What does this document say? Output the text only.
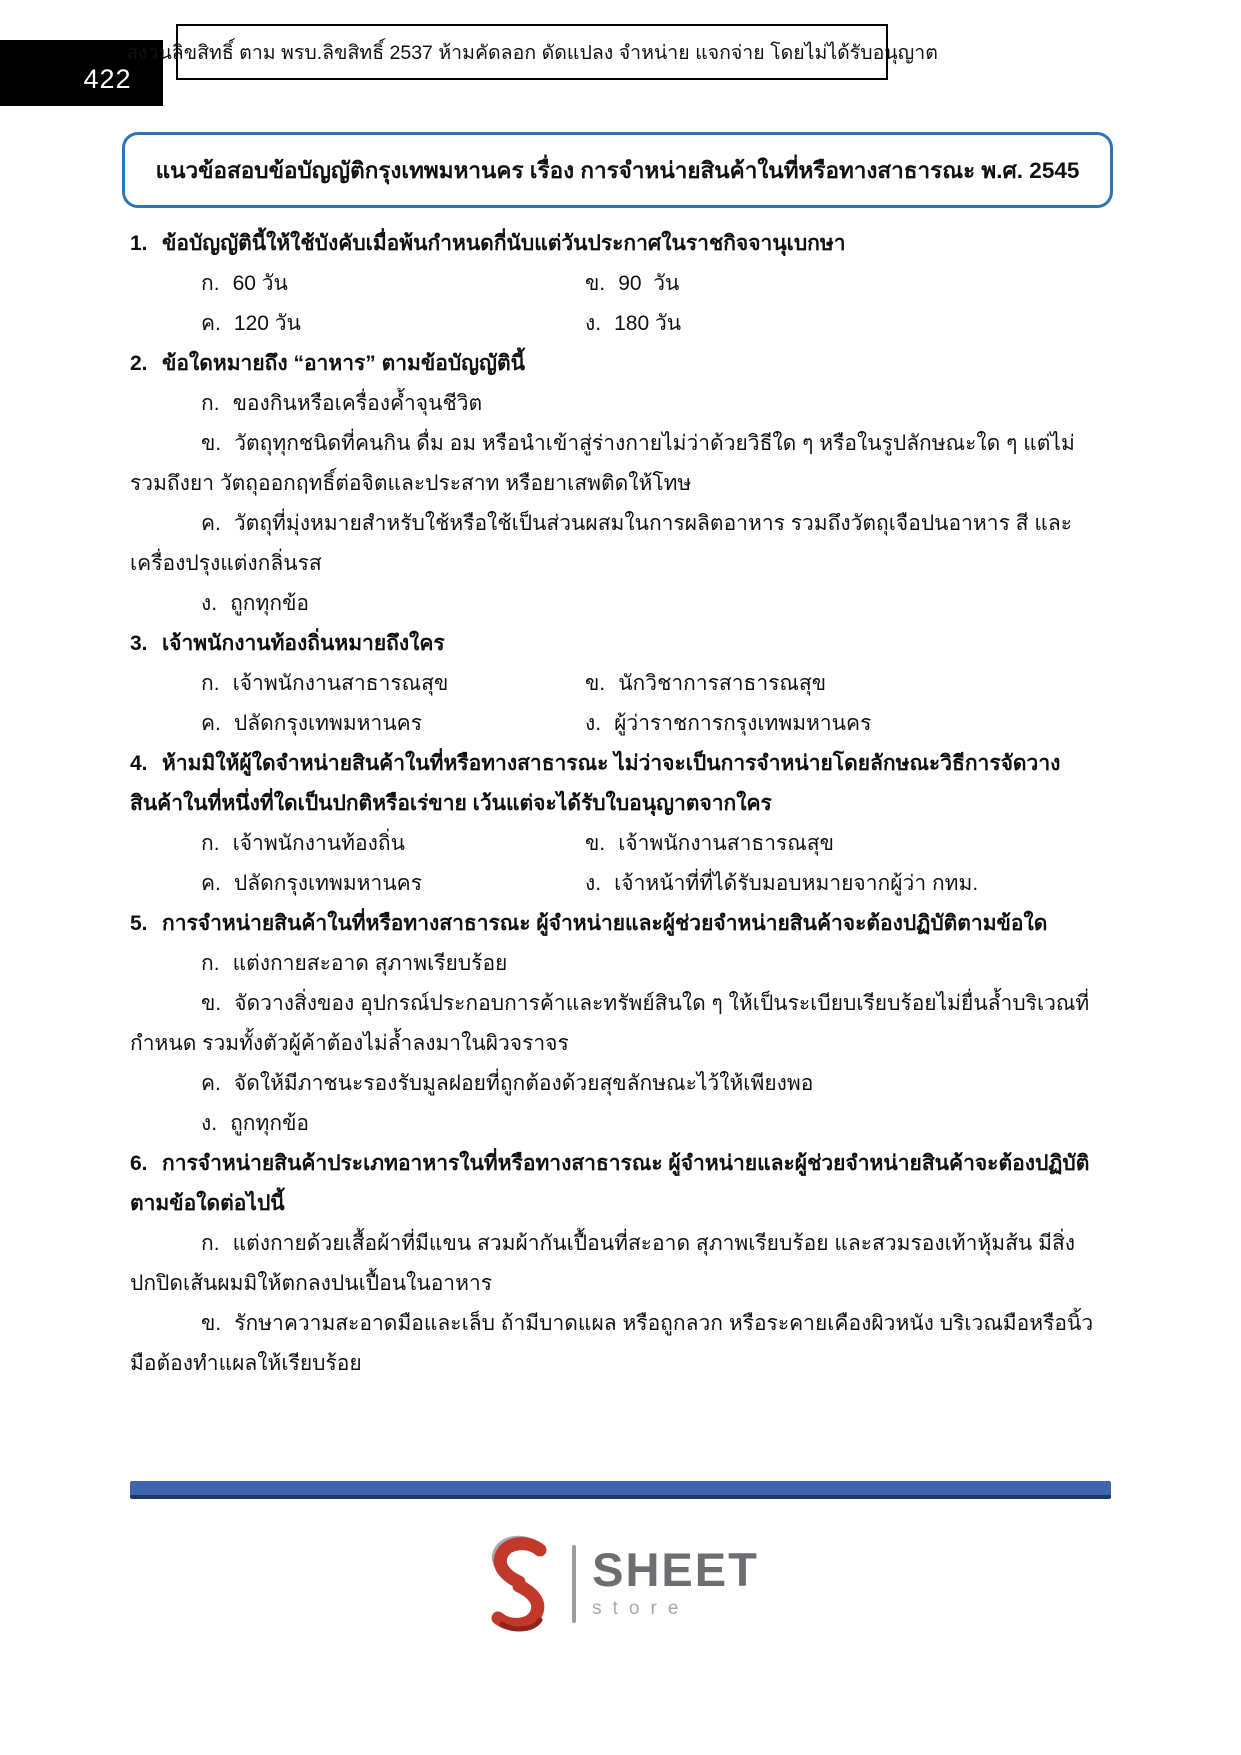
422
สงวนลิขสิทธิ์ ตาม พรบ.ลิขสิทธิ์ 2537 ห้ามคัดลอก ดัดแปลง จำหน่าย แจกจ่าย โดยไม่ได้รับอนุญาต
แนวข้อสอบข้อบัญญัติกรุงเทพมหานคร เรื่อง การจำหน่ายสินค้าในที่หรือทางสาธารณะ พ.ศ. 2545

1. ข้อบัญญัตินี้ให้ใช้บังคับเมื่อพ้นกำหนดกี่นับแต่วันประกาศในราชกิจจานุเบกษา

ก. 60 วัน	ข. 90  วัน

ค. 120 วัน	ง. 180 วัน

2. ข้อใดหมายถึง “อาหาร” ตามข้อบัญญัตินี้

ก. ของกินหรือเครื่องค้ำจุนชีวิต

ข. วัตถุทุกชนิดที่คนกิน ดื่ม อม หรือนำเข้าสู่ร่างกายไม่ว่าด้วยวิธีใด ๆ หรือในรูปลักษณะใด ๆ แต่ไม่รวมถึงยา วัตถุออกฤทธิ์ต่อจิตและประสาท หรือยาเสพติดให้โทษ

ค. วัตถุที่มุ่งหมายสำหรับใช้หรือใช้เป็นส่วนผสมในการผลิตอาหาร รวมถึงวัตถุเจือปนอาหาร สี และเครื่องปรุงแต่งกลิ่นรส

ง. ถูกทุกข้อ

3. เจ้าพนักงานท้องถิ่นหมายถึงใคร

ก. เจ้าพนักงานสาธารณสุข	ข. นักวิชาการสาธารณสุข

ค. ปลัดกรุงเทพมหานคร	ง. ผู้ว่าราชการกรุงเทพมหานคร

4. ห้ามมิให้ผู้ใดจำหน่ายสินค้าในที่หรือทางสาธารณะ ไม่ว่าจะเป็นการจำหน่ายโดยลักษณะวิธีการจัดวางสินค้าในที่หนึ่งที่ใดเป็นปกติหรือเร่ขาย เว้นแต่จะได้รับใบอนุญาตจากใคร

ก. เจ้าพนักงานท้องถิ่น	ข. เจ้าพนักงานสาธารณสุข

ค. ปลัดกรุงเทพมหานคร	ง. เจ้าหน้าที่ที่ได้รับมอบหมายจากผู้ว่า กทม.

5. การจำหน่ายสินค้าในที่หรือทางสาธารณะ ผู้จำหน่ายและผู้ช่วยจำหน่ายสินค้าจะต้องปฏิบัติตามข้อใด

ก. แต่งกายสะอาด สุภาพเรียบร้อย

ข. จัดวางสิ่งของ อุปกรณ์ประกอบการค้าและทรัพย์สินใด ๆ ให้เป็นระเบียบเรียบร้อยไม่ยื่นล้ำบริเวณที่กำหนด รวมทั้งตัวผู้ค้าต้องไม่ล้ำลงมาในผิวจราจร

ค. จัดให้มีภาชนะรองรับมูลฝอยที่ถูกต้องด้วยสุขลักษณะไว้ให้เพียงพอ

ง. ถูกทุกข้อ

6. การจำหน่ายสินค้าประเภทอาหารในที่หรือทางสาธารณะ ผู้จำหน่ายและผู้ช่วยจำหน่ายสินค้าจะต้องปฏิบัติตามข้อใดต่อไปนี้

ก. แต่งกายด้วยเสื้อผ้าที่มีแขน สวมผ้ากันเปื้อนที่สะอาด สุภาพเรียบร้อย และสวมรองเท้าหุ้มส้น มีสิ่งปกปิดเส้นผมมิให้ตกลงปนเปื้อนในอาหาร

ข. รักษาความสะอาดมือและเล็บ ถ้ามีบาดแผล หรือถูกลวก หรือระคายเคืองผิวหนัง บริเวณมือหรือนิ้วมือต้องทำแผลให้เรียบร้อย

SHEET
store
